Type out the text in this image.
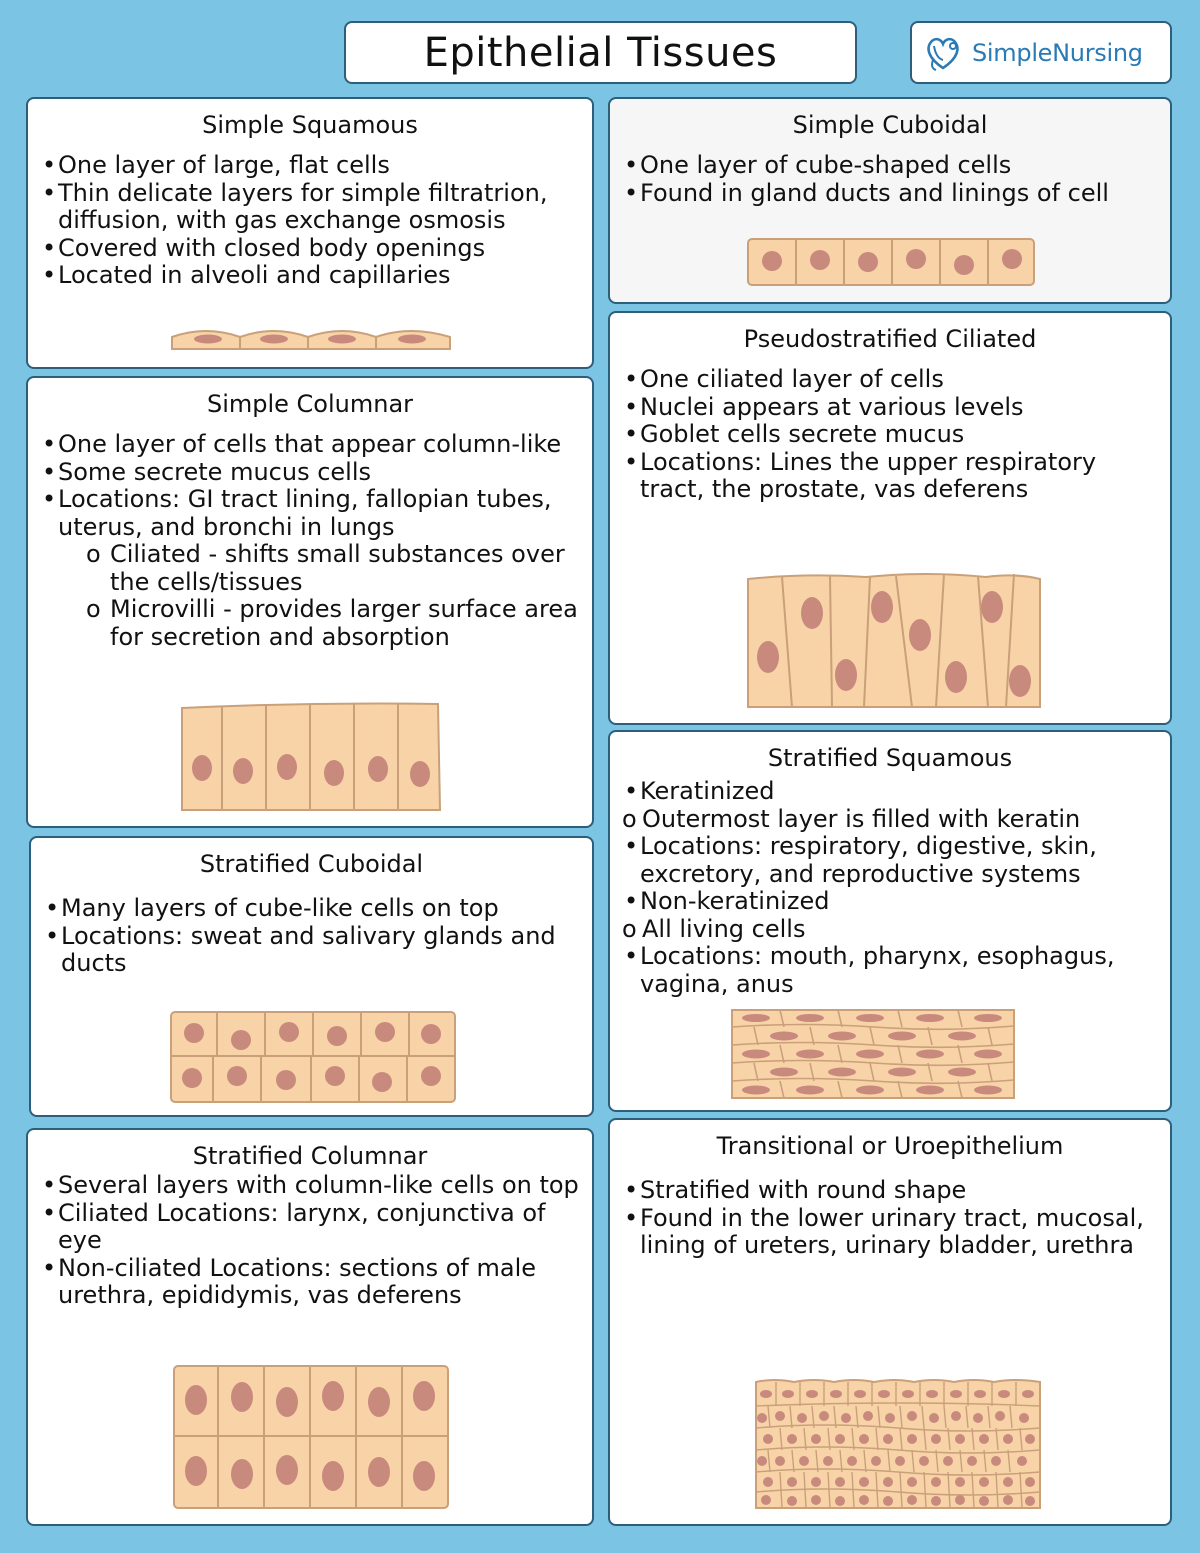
Epithelial Tissues	SimpleNursing
Simple Squamous
• One layer of large, flat cells
• Thin delicate layers for simple filtratrion, diffusion, with gas exchange osmosis
• Covered with closed body openings
• Located in alveoli and capillaries
Simple Cuboidal
• One layer of cube-shaped cells
• Found in gland ducts and linings of cell
Pseudostratified Ciliated
• One ciliated layer of cells
• Nuclei appears at various levels
• Goblet cells secrete mucus
• Locations: Lines the upper respiratory tract, the prostate, vas deferens
Simple Columnar
• One layer of cells that appear column-like
• Some secrete mucus cells
• Locations: GI tract lining, fallopian tubes, uterus, and bronchi in lungs
o Ciliated - shifts small substances over the cells/tissues
o Microvilli - provides larger surface area for secretion and absorption
Stratified Squamous
• Keratinized
o Outermost layer is filled with keratin
• Locations: respiratory, digestive, skin, excretory, and reproductive systems
• Non-keratinized
o All living cells
• Locations: mouth, pharynx, esophagus, vagina, anus
Stratified Cuboidal
• Many layers of cube-like cells on top
• Locations: sweat and salivary glands and ducts
Transitional or Uroepithelium
• Stratified with round shape
• Found in the lower urinary tract, mucosal, lining of ureters, urinary bladder, urethra
Stratified Columnar
• Several layers with column-like cells on top
• Ciliated Locations: larynx, conjunctiva of eye
• Non-ciliated Locations: sections of male urethra, epididymis, vas deferens
